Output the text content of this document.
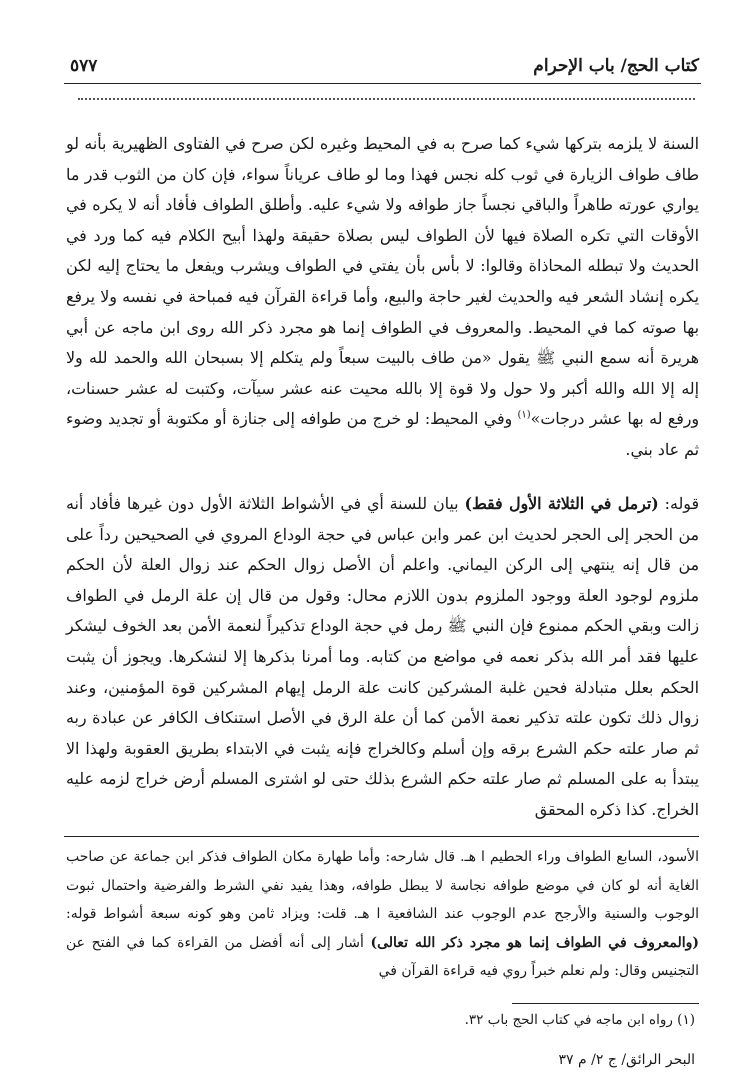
كتاب الحج/ باب الإحرام
٥٧٧
السنة لا يلزمه بتركها شيء كما صرح به في المحيط وغيره لكن صرح في الفتاوى الظهيرية بأنه لو طاف طواف الزيارة في ثوب كله نجس فهذا وما لو طاف عرياناً سواء، فإن كان من الثوب قدر ما يواري عورته طاهراً والباقي نجساً جاز طوافه ولا شيء عليه. وأطلق الطواف فأفاد أنه لا يكره في الأوقات التي تكره الصلاة فيها لأن الطواف ليس بصلاة حقيقة ولهذا أبيح الكلام فيه كما ورد في الحديث ولا تبطله المحاذاة وقالوا: لا بأس بأن يفتي في الطواف ويشرب ويفعل ما يحتاج إليه لكن يكره إنشاد الشعر فيه والحديث لغير حاجة والبيع، وأما قراءة القرآن فيه فمباحة في نفسه ولا يرفع بها صوته كما في المحيط. والمعروف في الطواف إنما هو مجرد ذكر الله روى ابن ماجه عن أبي هريرة أنه سمع النبي ﷺ يقول «من طاف بالبيت سبعاً ولم يتكلم إلا بسبحان الله والحمد لله ولا إله إلا الله والله أكبر ولا حول ولا قوة إلا بالله محيت عنه عشر سيآت، وكتبت له عشر حسنات، ورفع له بها عشر درجات»$^{(١)}$ وفي المحيط: لو خرج من طوافه إلى جنازة أو مكتوبة أو تجديد وضوء ثم عاد بني.
قوله: (ترمل في الثلاثة الأول فقط) بيان للسنة أي في الأشواط الثلاثة الأول دون غيرها فأفاد أنه من الحجر إلى الحجر لحديث ابن عمر وابن عباس في حجة الوداع المروي في الصحيحين رداً على من قال إنه ينتهي إلى الركن اليماني. واعلم أن الأصل زوال الحكم عند زوال العلة لأن الحكم ملزوم لوجود العلة ووجود الملزوم بدون اللازم محال: وقول من قال إن علة الرمل في الطواف زالت وبقي الحكم ممنوع فإن النبي ﷺ رمل في حجة الوداع تذكيراً لنعمة الأمن بعد الخوف ليشكر عليها فقد أمر الله بذكر نعمه في مواضع من كتابه. وما أمرنا بذكرها إلا لنشكرها. ويجوز أن يثبت الحكم بعلل متبادلة فحين غلبة المشركين كانت علة الرمل إيهام المشركين قوة المؤمنين، وعند زوال ذلك تكون علته تذكير نعمة الأمن كما أن علة الرق في الأصل استنكاف الكافر عن عبادة ربه ثم صار علته حكم الشرع برقه وإن أسلم وكالخراج فإنه يثبت في الابتداء بطريق العقوبة ولهذا الا يبتدأ به على المسلم ثم صار علته حكم الشرع بذلك حتى لو اشترى المسلم أرض خراج لزمه عليه الخراج. كذا ذكره المحقق
الأسود، السابع الطواف وراء الحطيم ا هـ. قال شارحه: وأما طهارة مكان الطواف فذكر ابن جماعة عن صاحب الغاية أنه لو كان في موضع طوافه نجاسة لا يبطل طوافه، وهذا يفيد نفي الشرط والفرضية واحتمال ثبوت الوجوب والسنية والأرجح عدم الوجوب عند الشافعية ا هـ. قلت: ويزاد ثامن وهو كونه سبعة أشواط قوله: (والمعروف في الطواف إنما هو مجرد ذكر الله تعالى) أشار إلى أنه أفضل من القراءة كما في الفتح عن التجنيس وقال: ولم نعلم خبراً روي فيه قراءة القرآن في
(١) رواه ابن ماجه في كتاب الحج باب ٣٢.
البحر الرائق/ ج ٢/ م ٣٧
